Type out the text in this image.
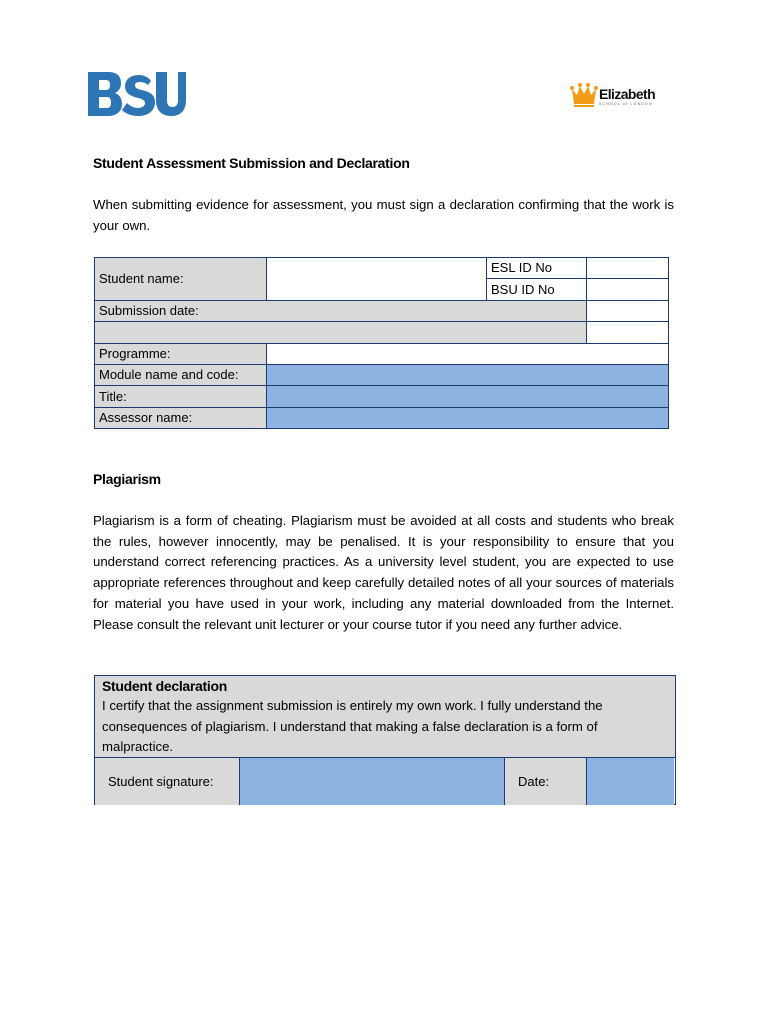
Elizabeth
SCHOOL of LONDON
Student Assessment Submission and Declaration
When submitting evidence for assessment, you must sign a declaration confirming that the work is your own.
Student name:		ESL ID No	
		BSU ID No	
Submission date:			

Programme:			
Module name and code:			
Title:			
Assessor name:			
Plagiarism
Plagiarism is a form of cheating. Plagiarism must be avoided at all costs and students who break the rules, however innocently, may be penalised. It is your responsibility to ensure that you understand correct referencing practices. As a university level student, you are expected to use appropriate references throughout and keep carefully detailed notes of all your sources of materials for material you have used in your work, including any material downloaded from the Internet. Please consult the relevant unit lecturer or your course tutor if you need any further advice.
Student declaration
I certify that the assignment submission is entirely my own work. I fully understand the consequences of plagiarism. I understand that making a false declaration is a form of malpractice.
Student signature:	Date:
